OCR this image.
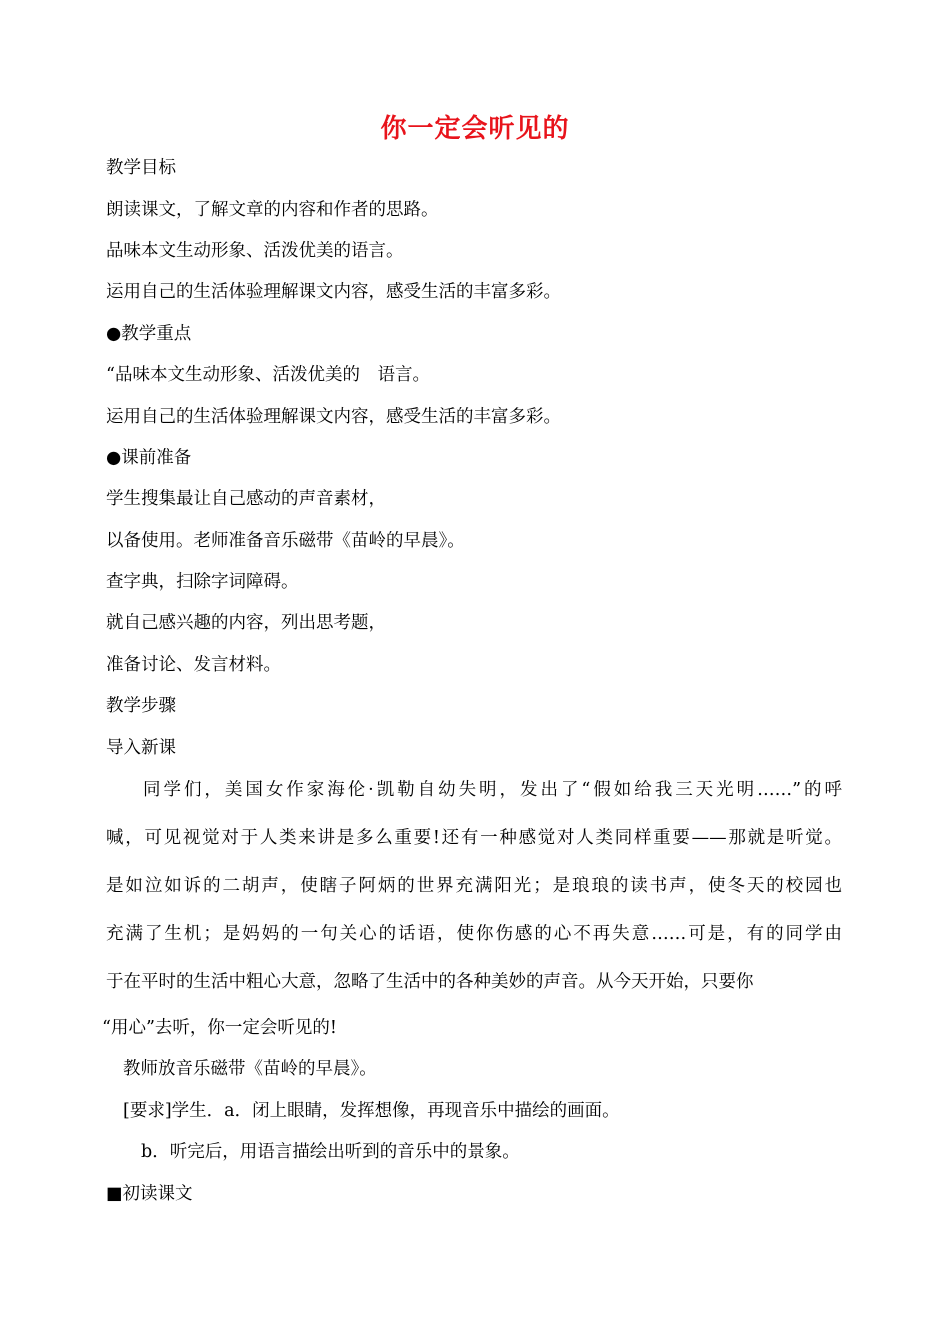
你一定会听见的
教学目标
朗读课文，了解文章的内容和作者的思路。
品味本文生动形象、活泼优美的语言。
运用自己的生活体验理解课文内容，感受生活的丰富多彩。
●教学重点
“品味本文生动形象、活泼优美的　语言。
运用自己的生活体验理解课文内容，感受生活的丰富多彩。
●课前准备
学生搜集最让自己感动的声音素材，
以备使用。老师准备音乐磁带《苗岭的早晨》。
查字典，扫除字词障碍。
就自己感兴趣的内容，列出思考题，
准备讨论、发言材料。
教学步骤
导入新课
同学们，美国女作家海伦·凯勒自幼失明，发出了“假如给我三天光明……”的呼
喊，可见视觉对于人类来讲是多么重要!还有一种感觉对人类同样重要——那就是听觉。
是如泣如诉的二胡声，使瞎子阿炳的世界充满阳光；是琅琅的读书声，使冬天的校园也
充满了生机；是妈妈的一句关心的话语，使你伤感的心不再失意……可是，有的同学由
于在平时的生活中粗心大意，忽略了生活中的各种美妙的声音。从今天开始，只要你
“用心”去听，你一定会听见的!
教师放音乐磁带《苗岭的早晨》。
[要求]学生．a．闭上眼睛，发挥想像，再现音乐中描绘的画面。
b．听完后，用语言描绘出听到的音乐中的景象。
■初读课文
